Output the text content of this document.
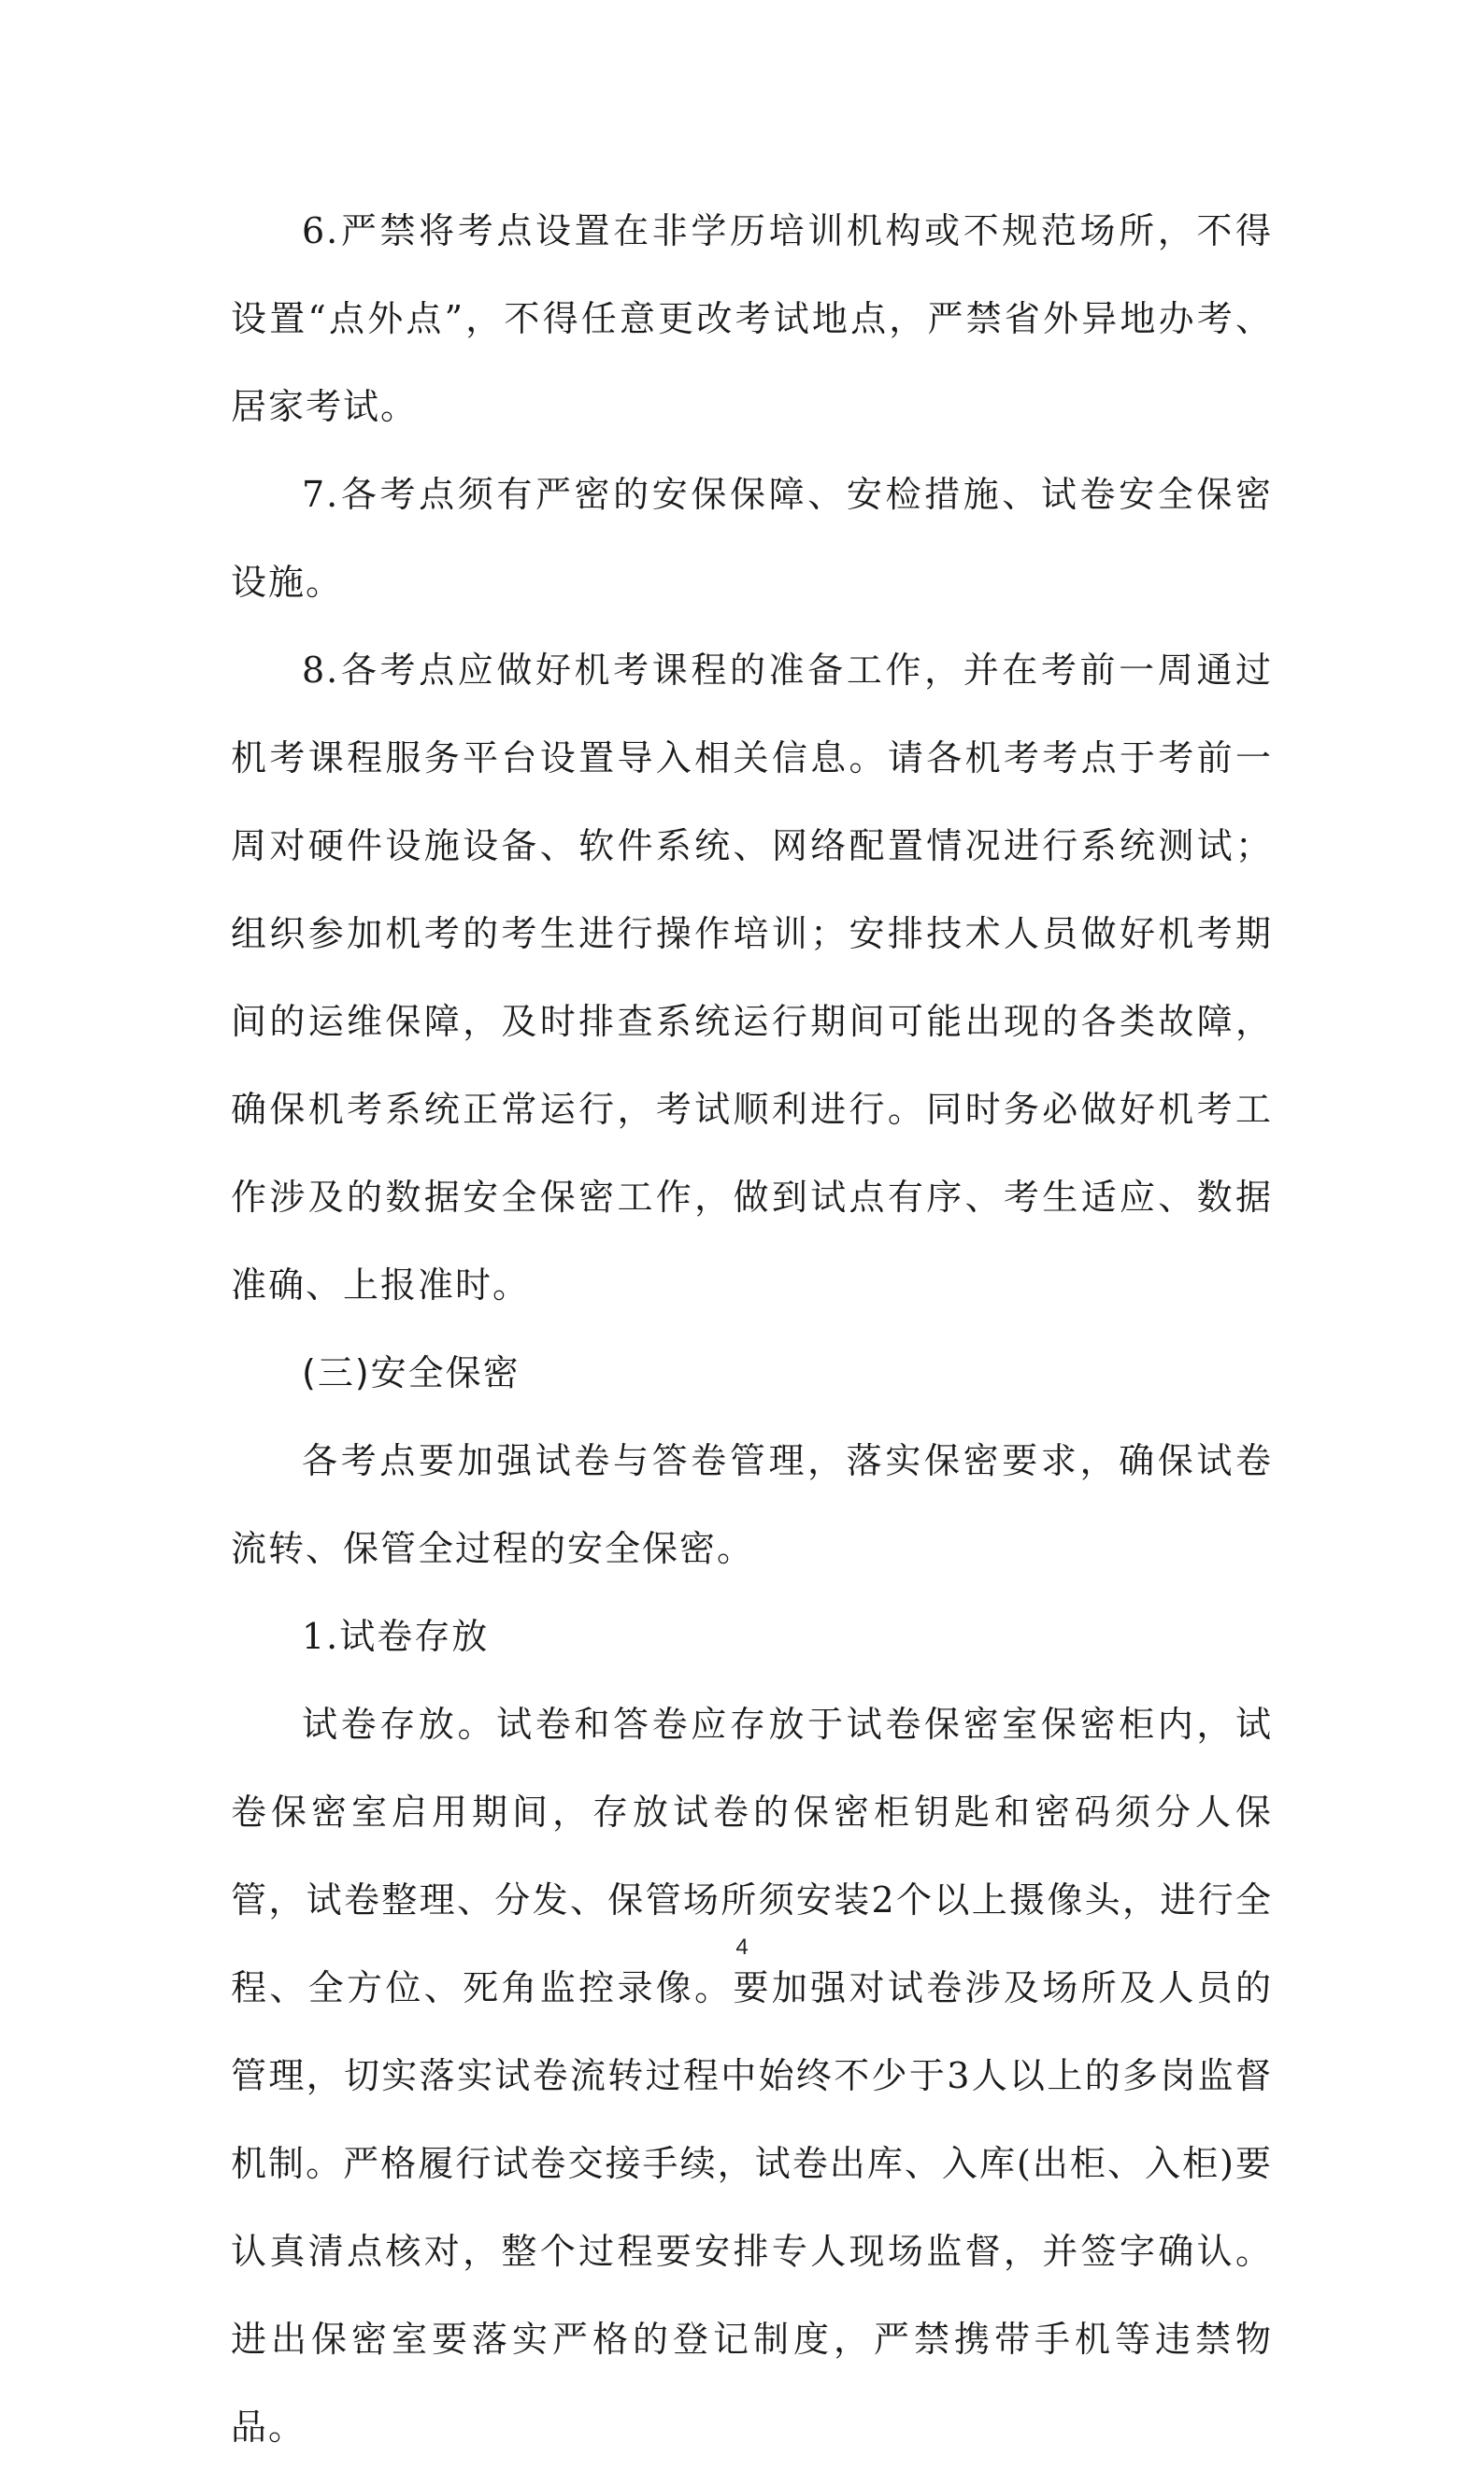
6.严禁将考点设置在非学历培训机构或不规范场所，不得设置“点外点”，不得任意更改考试地点，严禁省外异地办考、居家考试。

7.各考点须有严密的安保保障、安检措施、试卷安全保密设施。

8.各考点应做好机考课程的准备工作，并在考前一周通过机考课程服务平台设置导入相关信息。请各机考考点于考前一周对硬件设施设备、软件系统、网络配置情况进行系统测试；组织参加机考的考生进行操作培训；安排技术人员做好机考期间的运维保障，及时排查系统运行期间可能出现的各类故障，确保机考系统正常运行，考试顺利进行。同时务必做好机考工作涉及的数据安全保密工作，做到试点有序、考生适应、数据准确、上报准时。

(三)安全保密

各考点要加强试卷与答卷管理，落实保密要求，确保试卷流转、保管全过程的安全保密。

1.试卷存放

试卷存放。试卷和答卷应存放于试卷保密室保密柜内，试卷保密室启用期间，存放试卷的保密柜钥匙和密码须分人保管，试卷整理、分发、保管场所须安装2个以上摄像头，进行全程、全方位、死角监控录像。要加强对试卷涉及场所及人员的管理，切实落实试卷流转过程中始终不少于3人以上的多岗监督机制。严格履行试卷交接手续，试卷出库、入库(出柜、入柜)要认真清点核对，整个过程要安排专人现场监督，并签字确认。进出保密室要落实严格的登记制度，严禁携带手机等违禁物品。

4
